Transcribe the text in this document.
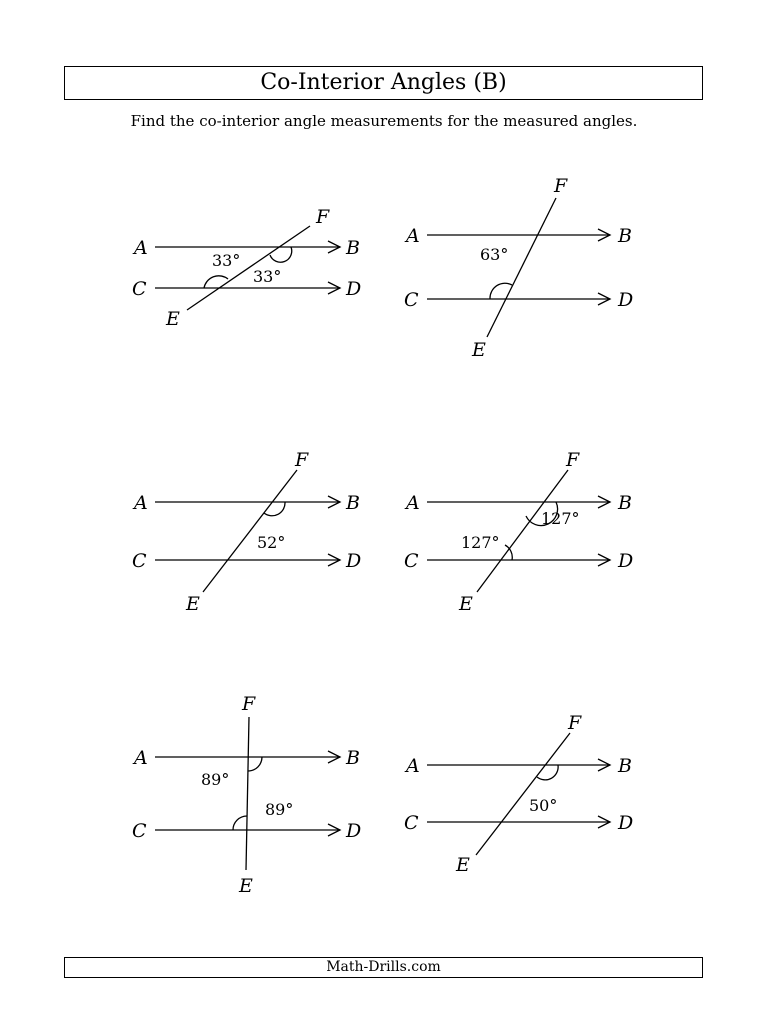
Co-Interior Angles (B)
Find the co-interior angle measurements for the measured angles.
A	B
C	D
E
F
33°
33°
A	B
C	D
E
F
63°
A	B
C	D
E
F
52°
A	B
C	D
E
F
127°
127°
A	B
C	D
E
F
89°
89°
A	B
C	D
E
F
50°
Math-Drills.com
